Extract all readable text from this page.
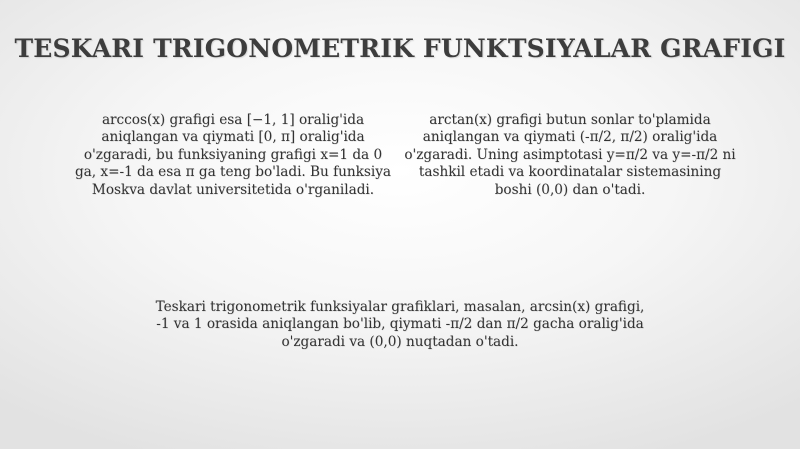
TESKARI TRIGONOMETRIK FUNKTSIYALAR GRAFIGI
arccos(x) grafigi esa [−1, 1] oralig'ida
aniqlangan va qiymati [0, π] oralig'ida
o'zgaradi, bu funksiyaning grafigi x=1 da 0
ga, x=-1 da esa π ga teng bo'ladi. Bu funksiya
Moskva davlat universitetida o'rganiladi.
arctan(x) grafigi butun sonlar to'plamida
aniqlangan va qiymati (-π/2, π/2) oralig'ida
o'zgaradi. Uning asimptotasi y=π/2 va y=-π/2 ni
tashkil etadi va koordinatalar sistemasining
boshi (0,0) dan o'tadi.
Teskari trigonometrik funksiyalar grafiklari, masalan, arcsin(x) grafigi,
-1 va 1 orasida aniqlangan bo'lib, qiymati -π/2 dan π/2 gacha oralig'ida
o'zgaradi va (0,0) nuqtadan o'tadi.
